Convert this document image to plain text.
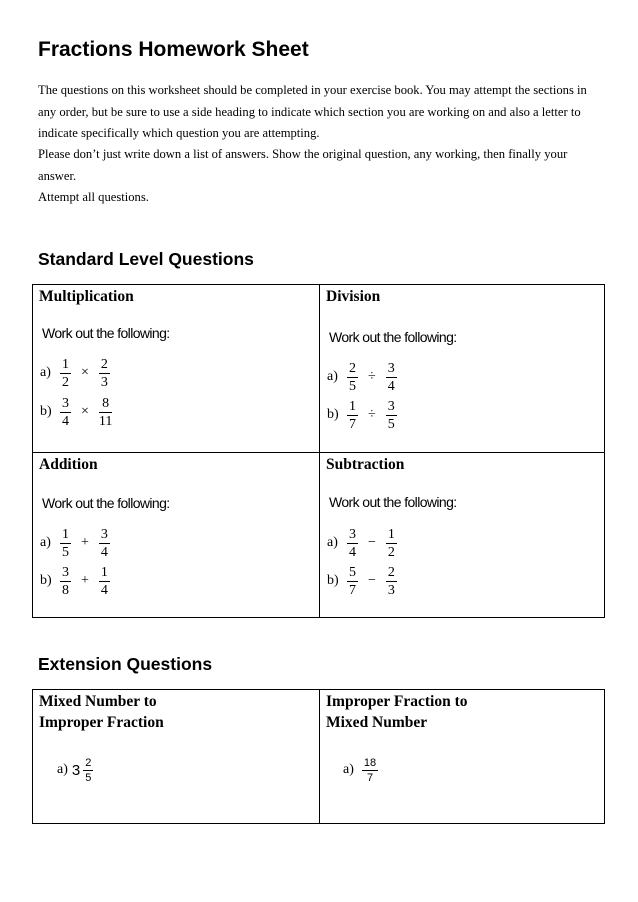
Fractions Homework Sheet

The questions on this worksheet should be completed in your exercise book. You may attempt the sections in any order, but be sure to use a side heading to indicate which section you are working on and also a letter to indicate specifically which question you are attempting.

Please don’t just write down a list of answers. Show the original question, any working, then finally your answer.

Attempt all questions.

Standard Level Questions
Multiplication
Work out the following:
$a) \frac{1}{2} \times \frac{2}{3}$
$b) \frac{3}{4} \times \frac{8}{11}$
Division
Work out the following:
$a) \frac{2}{5} \div \frac{3}{4}$
$b) \frac{1}{7} \div \frac{3}{5}$
Addition
Work out the following:
$a) \frac{1}{5} + \frac{3}{4}$
$b) \frac{3}{8} + \frac{1}{4}$
Subtraction
Work out the following:
$a) \frac{3}{4} - \frac{1}{2}$
$b) \frac{5}{7} - \frac{2}{3}$
Extension Questions
Mixed Number to
Improper Fraction
a) $3 \frac{2}{5}$
Improper Fraction to
Mixed Number
$a) \frac{18}{7}$
